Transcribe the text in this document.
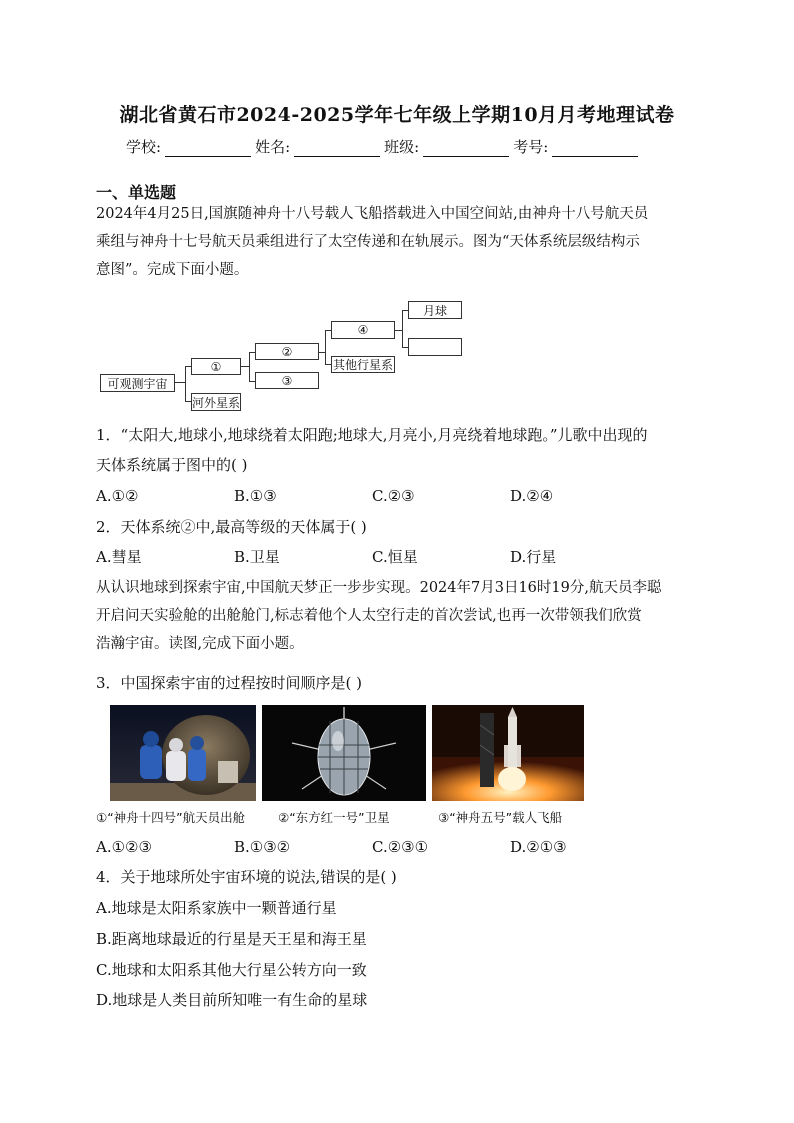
湖北省黄石市2024-2025学年七年级上学期10月月考地理试卷
学校:	姓名:	班级:	考号:
一、单选题
2024年4月25日,国旗随神舟十八号载人飞船搭载进入中国空间站,由神舟十八号航天员
乘组与神舟十七号航天员乘组进行了太空传递和在轨展示。图为“天体系统层级结构示
意图”。完成下面小题。
可观测宇宙
①
河外星系
②
③
④
其他行星系
月球
1．“太阳大,地球小,地球绕着太阳跑;地球大,月亮小,月亮绕着地球跑。”儿歌中出现的
天体系统属于图中的( )
A.①②	B.①③	C.②③	D.②④
2．天体系统②中,最高等级的天体属于( )
A.彗星	B.卫星	C.恒星	D.行星
从认识地球到探索宇宙,中国航天梦正一步步实现。2024年7月3日16时19分,航天员李聪
开启问天实验舱的出舱舱门,标志着他个人太空行走的首次尝试,也再一次带领我们欣赏
浩瀚宇宙。读图,完成下面小题。
3．中国探索宇宙的过程按时间顺序是( )
①“神舟十四号”航天员出舱	②“东方红一号”卫星	③“神舟五号”载人飞船
A.①②③	B.①③②	C.②③①	D.②①③
4．关于地球所处宇宙环境的说法,错误的是( )
A.地球是太阳系家族中一颗普通行星
B.距离地球最近的行星是天王星和海王星
C.地球和太阳系其他大行星公转方向一致
D.地球是人类目前所知唯一有生命的星球
